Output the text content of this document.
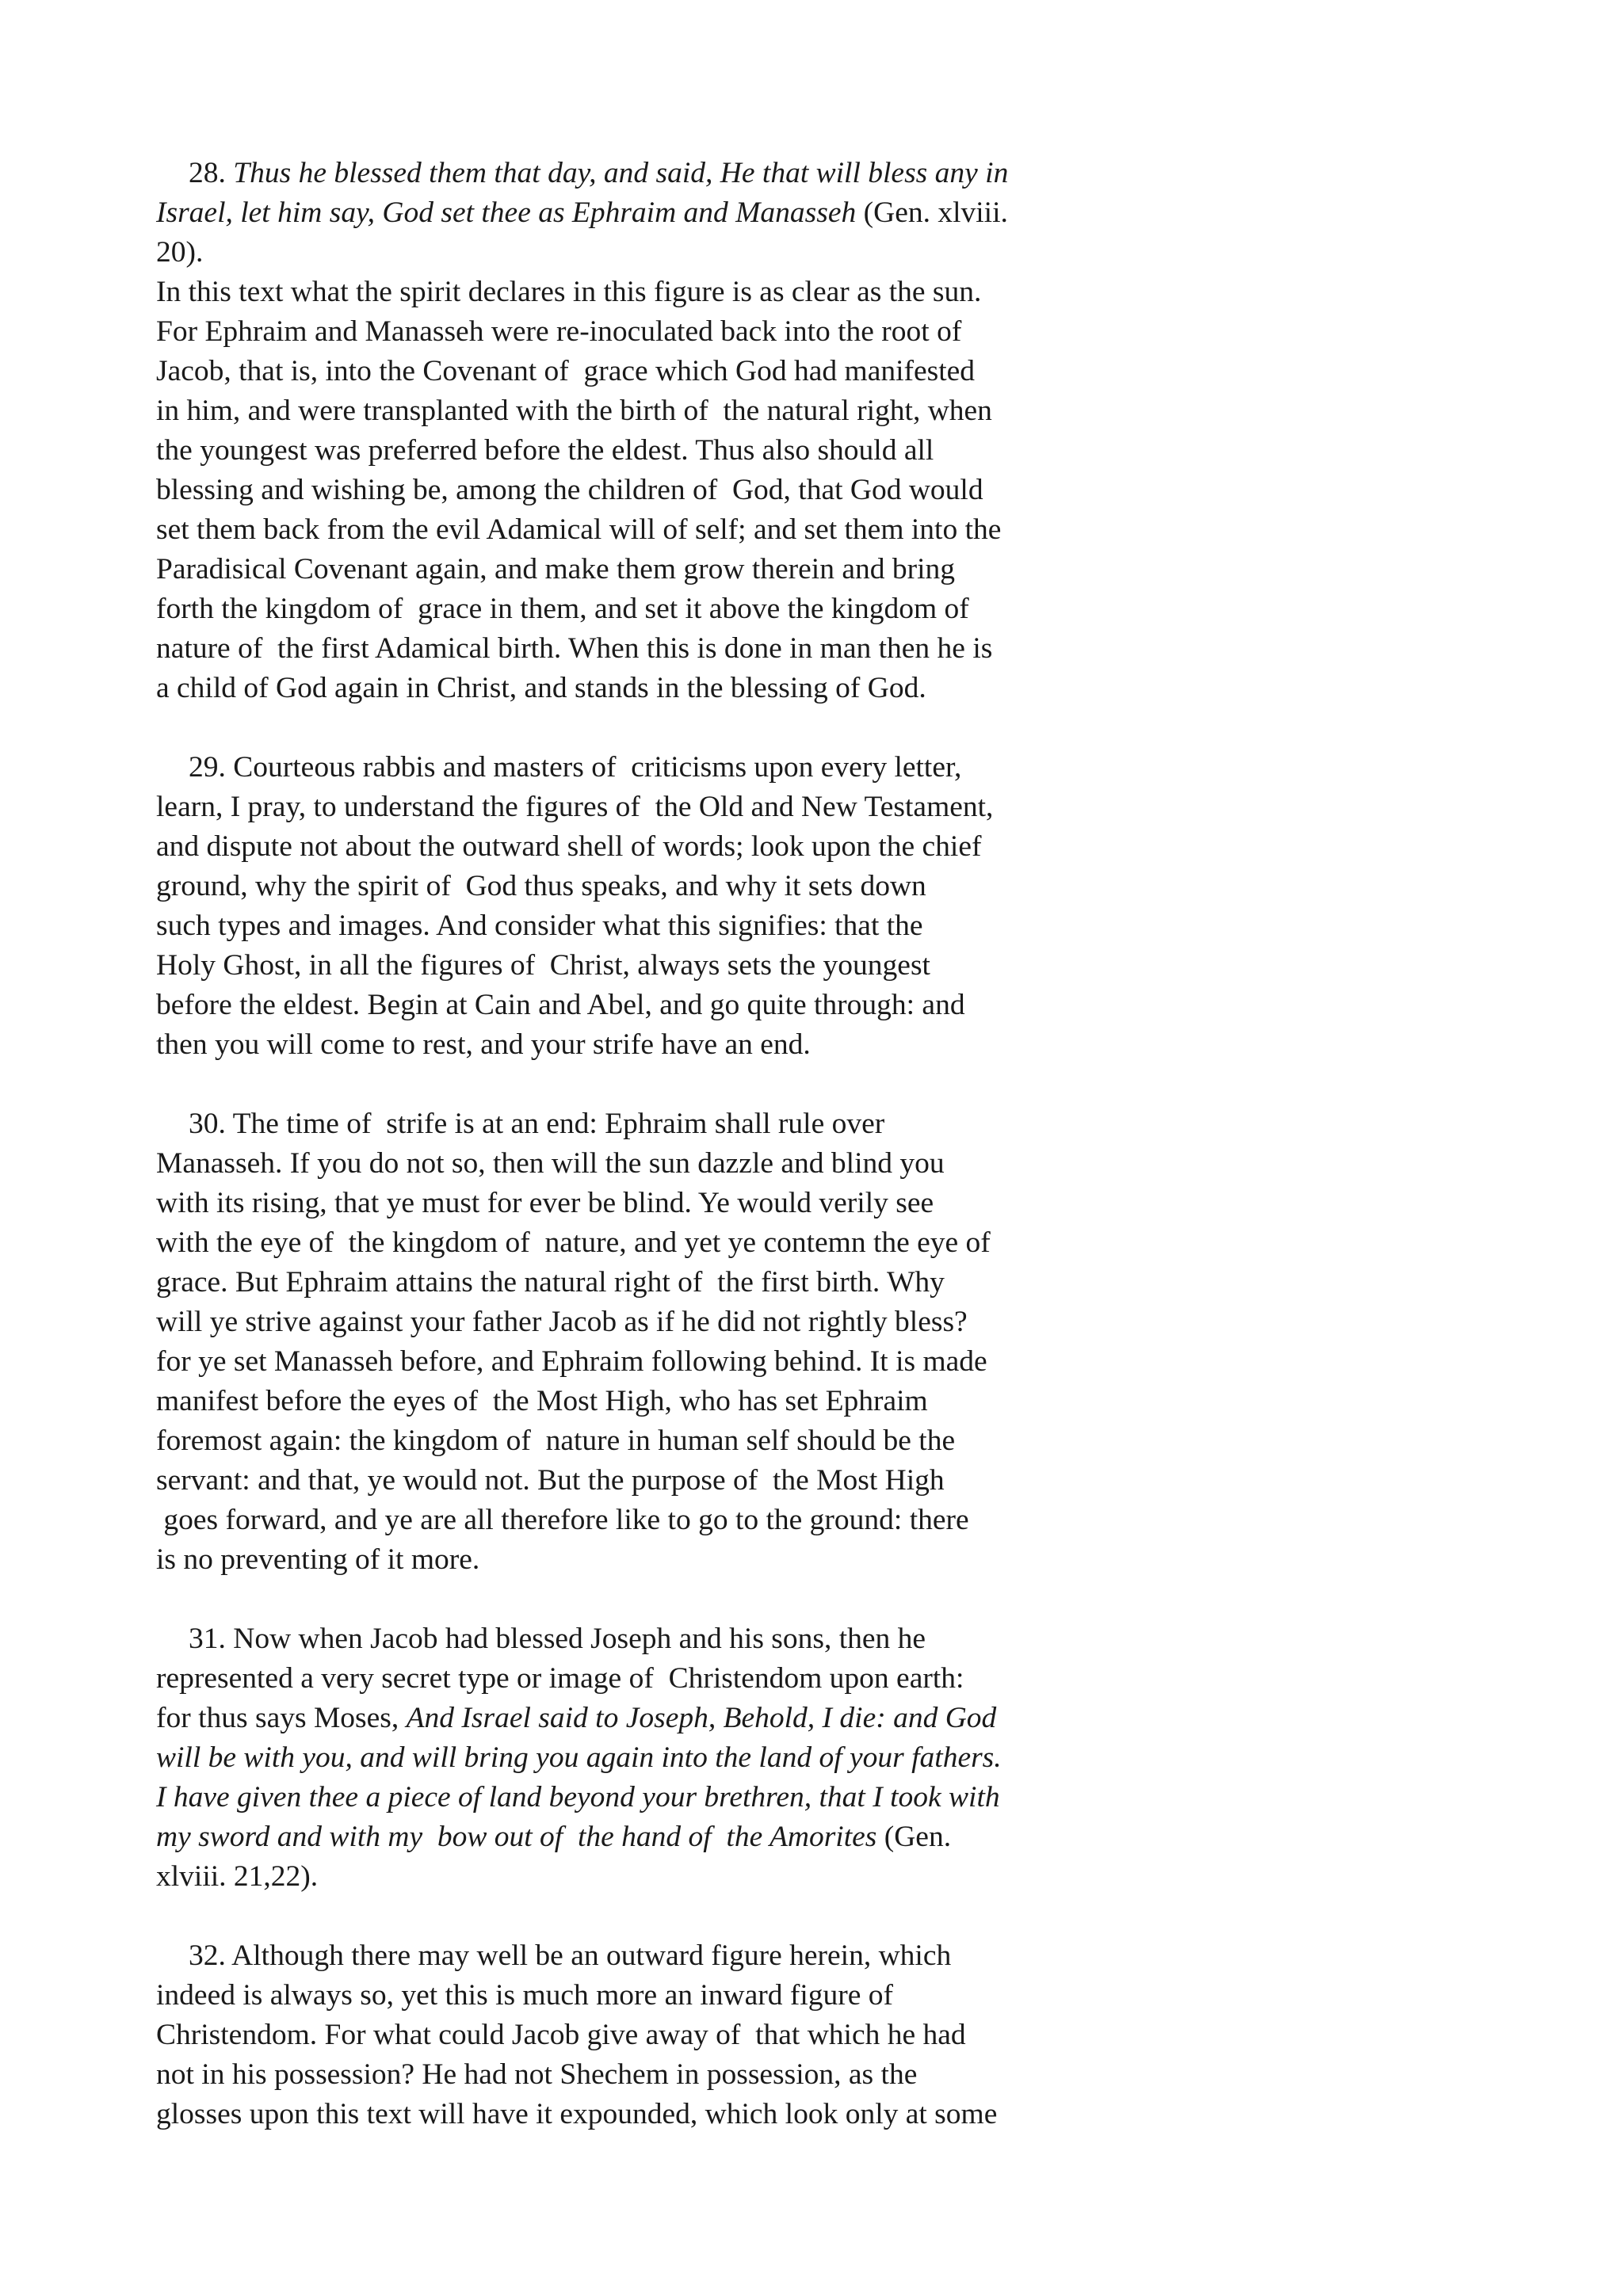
28. Thus he blessed them that day, and said, He that will bless any in

Israel, let him say, God set thee as Ephraim and Manasseh (Gen. xlviii.

20).

In this text what the spirit declares in this figure is as clear as the sun.

For Ephraim and Manasseh were re-inoculated back into the root of

Jacob, that is, into the Covenant of  grace which God had manifested

in him, and were transplanted with the birth of  the natural right, when

the youngest was preferred before the eldest. Thus also should all

blessing and wishing be, among the children of  God, that God would

set them back from the evil Adamical will of self; and set them into the

Paradisical Covenant again, and make them grow therein and bring

forth the kingdom of  grace in them, and set it above the kingdom of

nature of  the first Adamical birth. When this is done in man then he is

a child of God again in Christ, and stands in the blessing of God.

29. Courteous rabbis and masters of  criticisms upon every letter,

learn, I pray, to understand the figures of  the Old and New Testament,

and dispute not about the outward shell of words; look upon the chief

ground, why the spirit of  God thus speaks, and why it sets down

such types and images. And consider what this signifies: that the

Holy Ghost, in all the figures of  Christ, always sets the youngest

before the eldest. Begin at Cain and Abel, and go quite through: and

then you will come to rest, and your strife have an end.

30. The time of  strife is at an end: Ephraim shall rule over

Manasseh. If you do not so, then will the sun dazzle and blind you

with its rising, that ye must for ever be blind. Ye would verily see

with the eye of  the kingdom of  nature, and yet ye contemn the eye of

grace. But Ephraim attains the natural right of  the first birth. Why

will ye strive against your father Jacob as if he did not rightly bless?

for ye set Manasseh before, and Ephraim following behind. It is made

manifest before the eyes of  the Most High, who has set Ephraim

foremost again: the kingdom of  nature in human self should be the

servant: and that, ye would not. But the purpose of  the Most High

goes forward, and ye are all therefore like to go to the ground: there

is no preventing of it more.

31. Now when Jacob had blessed Joseph and his sons, then he

represented a very secret type or image of  Christendom upon earth:

for thus says Moses, And Israel said to Joseph, Behold, I die: and God

will be with you, and will bring you again into the land of your fathers.

I have given thee a piece of land beyond your brethren, that I took with

my sword and with my  bow out of  the hand of  the Amorites (Gen.

xlviii. 21,22).

32. Although there may well be an outward figure herein, which

indeed is always so, yet this is much more an inward figure of

Christendom. For what could Jacob give away of  that which he had

not in his possession? He had not Shechem in possession, as the

glosses upon this text will have it expounded, which look only at some
